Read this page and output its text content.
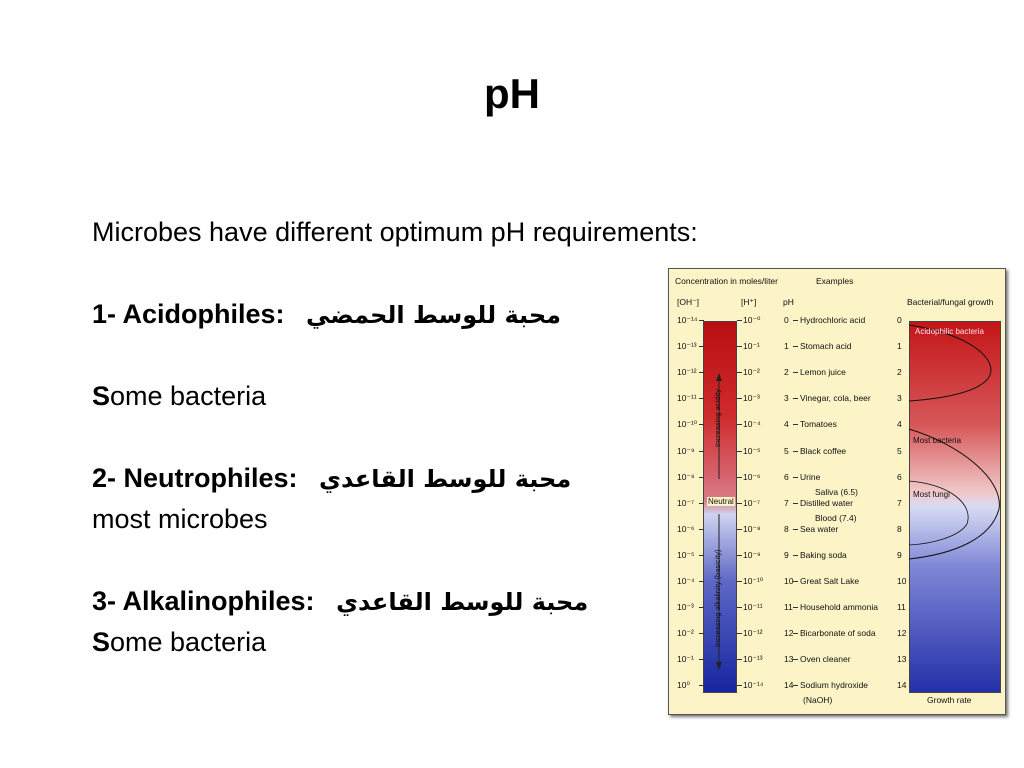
pH
Microbes have different optimum pH requirements:
1- Acidophiles: محبة للوسط الحمضي
Some bacteria
2- Neutrophiles: محبة للوسط القاعدي
most microbes
3- Alkalinophiles: محبة للوسط القاعدي
Some bacteria
Concentration in moles/liter	Examples
[OH⁻]	[H⁺]	pH	Bacterial/fungal growth
Increasing acidity
Increasing alkalinity (basicity)
Neutral
Acidophilic bacteria
Most bacteria
Most fungi
10⁻¹⁴	10⁻⁰	0 Hydrochloric acid	0
10⁻¹³	10⁻¹	1 Stomach acid	1
10⁻¹²	10⁻²	2 Lemon juice	2
10⁻¹¹	10⁻³	3 Vinegar, cola, beer	3
10⁻¹⁰	10⁻⁴	4 Tomatoes	4
10⁻⁹	10⁻⁵	5 Black coffee	5
10⁻⁸	10⁻⁶	6 Urine	6
10⁻⁷	10⁻⁷	7 Distilled water	7
10⁻⁶	10⁻⁸	8 Sea water	8
10⁻⁵	10⁻⁹	9 Baking soda	9
10⁻⁴	10⁻¹⁰ 10 Great Salt Lake	10
10⁻³	10⁻¹¹	11 Household ammonia 11
10⁻²	10⁻¹²	12 Bicarbonate of soda	12
10⁻¹	10⁻¹³	13 Oven cleaner	13
10⁰	10⁻¹⁴ 14 Sodium hydroxide	14
Saliva (6.5)
Blood (7.4)
(NaOH)	Growth rate
